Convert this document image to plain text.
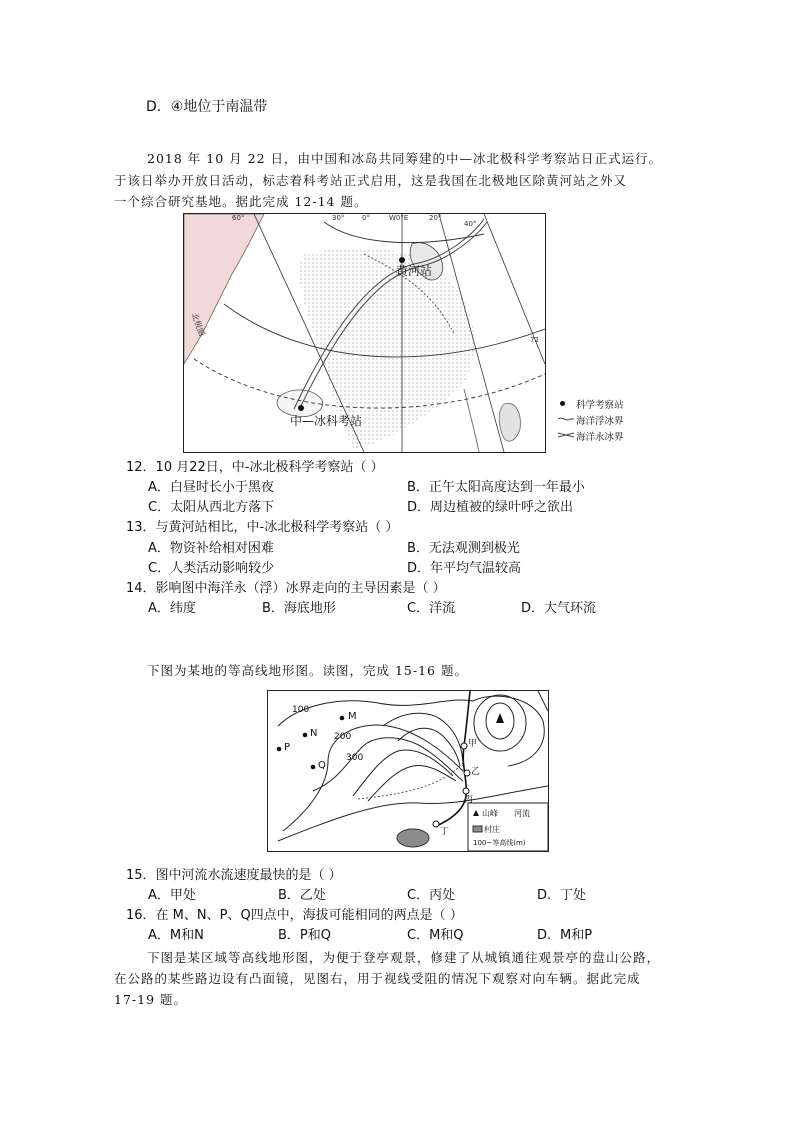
D．④地位于南温带
2018 年 10 月 22 日，由中国和冰岛共同筹建的中—冰北极科学考察站日正式运行。
于该日举办开放日活动，标志着科考站正式启用，这是我国在北极地区除黄河站之外又
一个综合研究基地。据此完成 12-14 题。
黄河站
中—冰科考站
60°	30°	0°	W0°E	20°
40°
72
北极圈
科学考察站
海洋浮冰界
海洋永冰界
12．10 月22日，中-冰北极科学考察站（ ）
A．白昼时长小于黑夜	B．正午太阳高度达到一年最小
C．太阳从西北方落下	D．周边植被的绿叶呼之欲出
13．与黄河站相比，中-冰北极科学考察站（ ）
A．物资补给相对困难	B．无法观测到极光
C．人类活动影响较少	D．年平均气温较高
14．影响图中海洋永（浮）冰界走向的主导因素是（ ）
A．纬度	B．海底地形	C．洋流	D．大气环流
下图为某地的等高线地形图。读图，完成 15-16 题。
M
N
P
Q
甲
乙
丙
丁
100
200
300
山峰 河流
村庄
100~等高线(m)
15．图中河流水流速度最快的是（ ）
A．甲处	B．乙处	C．丙处	D．丁处
16．在 M、N、P、Q四点中，海拔可能相同的两点是（ ）
A．M和N	B．P和Q	C．M和Q	D．M和P
下图是某区域等高线地形图，为便于登亭观景，修建了从城镇通往观景亭的盘山公路，
在公路的某些路边设有凸面镜，见图右，用于视线受阻的情况下观察对向车辆。据此完成
17-19 题。
